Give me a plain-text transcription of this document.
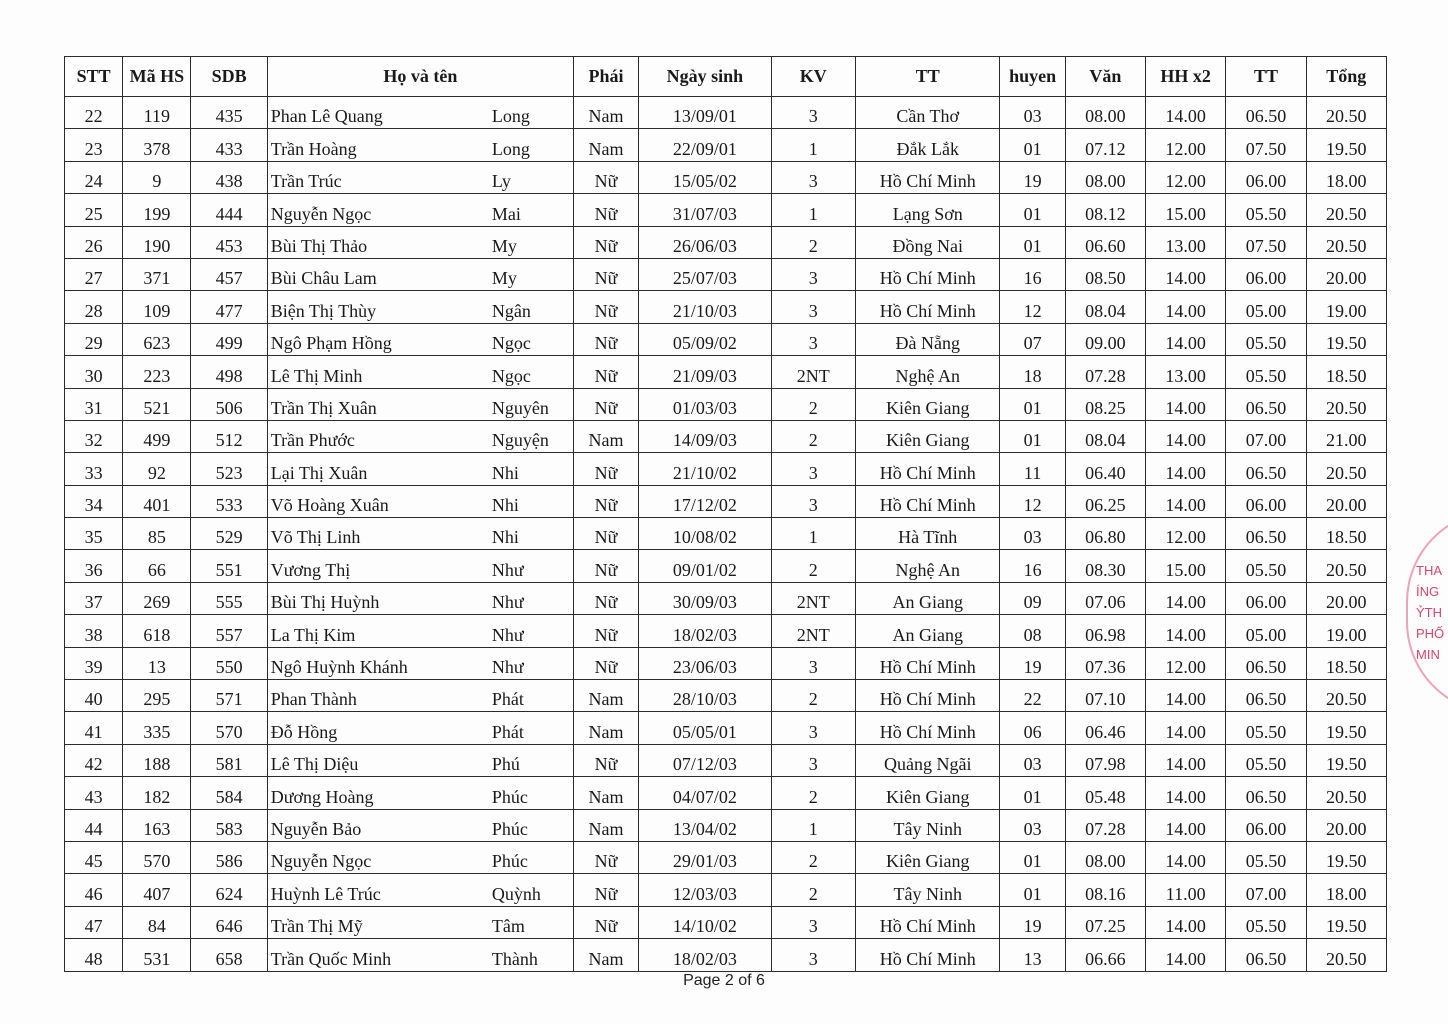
STT	Mã HS	SDB	Họ và tên	Phái	Ngày sinh	KV	TT	huyen	Văn	HH x2	TT	Tổng
22	119	435	Phan Lê Quang Long	Nam	13/09/01	3	Cần Thơ	03	08.00	14.00	06.50	20.50
23	378	433	Trần Hoàng Long	Nam	22/09/01	1	Đắk Lắk	01	07.12	12.00	07.50	19.50
24	9	438	Trần Trúc Ly	Nữ	15/05/02	3	Hồ Chí Minh	19	08.00	12.00	06.00	18.00
25	199	444	Nguyễn Ngọc Mai	Nữ	31/07/03	1	Lạng Sơn	01	08.12	15.00	05.50	20.50
26	190	453	Bùi Thị Thảo My	Nữ	26/06/03	2	Đồng Nai	01	06.60	13.00	07.50	20.50
27	371	457	Bùi Châu Lam My	Nữ	25/07/03	3	Hồ Chí Minh	16	08.50	14.00	06.00	20.00
28	109	477	Biện Thị Thùy Ngân	Nữ	21/10/03	3	Hồ Chí Minh	12	08.04	14.00	05.00	19.00
29	623	499	Ngô Phạm Hồng Ngọc	Nữ	05/09/02	3	Đà Nẵng	07	09.00	14.00	05.50	19.50
30	223	498	Lê Thị Minh Ngọc	Nữ	21/09/03	2NT	Nghệ An	18	07.28	13.00	05.50	18.50
31	521	506	Trần Thị Xuân Nguyên	Nữ	01/03/03	2	Kiên Giang	01	08.25	14.00	06.50	20.50
32	499	512	Trần Phước Nguyện	Nam	14/09/03	2	Kiên Giang	01	08.04	14.00	07.00	21.00
33	92	523	Lại Thị Xuân Nhi	Nữ	21/10/02	3	Hồ Chí Minh	11	06.40	14.00	06.50	20.50
34	401	533	Võ Hoàng Xuân Nhi	Nữ	17/12/02	3	Hồ Chí Minh	12	06.25	14.00	06.00	20.00
35	85	529	Võ Thị Linh Nhi	Nữ	10/08/02	1	Hà Tĩnh	03	06.80	12.00	06.50	18.50
36	66	551	Vương Thị Như	Nữ	09/01/02	2	Nghệ An	16	08.30	15.00	05.50	20.50
37	269	555	Bùi Thị Huỳnh Như	Nữ	30/09/03	2NT	An Giang	09	07.06	14.00	06.00	20.00
38	618	557	La Thị Kim Như	Nữ	18/02/03	2NT	An Giang	08	06.98	14.00	05.00	19.00
39	13	550	Ngô Huỳnh Khánh Như	Nữ	23/06/03	3	Hồ Chí Minh	19	07.36	12.00	06.50	18.50
40	295	571	Phan Thành Phát	Nam	28/10/03	2	Hồ Chí Minh	22	07.10	14.00	06.50	20.50
41	335	570	Đỗ Hồng Phát	Nam	05/05/01	3	Hồ Chí Minh	06	06.46	14.00	05.50	19.50
42	188	581	Lê Thị Diệu Phú	Nữ	07/12/03	3	Quảng Ngãi	03	07.98	14.00	05.50	19.50
43	182	584	Dương Hoàng Phúc	Nam	04/07/02	2	Kiên Giang	01	05.48	14.00	06.50	20.50
44	163	583	Nguyễn Bảo Phúc	Nam	13/04/02	1	Tây Ninh	03	07.28	14.00	06.00	20.00
45	570	586	Nguyễn Ngọc Phúc	Nữ	29/01/03	2	Kiên Giang	01	08.00	14.00	05.50	19.50
46	407	624	Huỳnh Lê Trúc Quỳnh	Nữ	12/03/03	2	Tây Ninh	01	08.16	11.00	07.00	18.00
47	84	646	Trần Thị Mỹ Tâm	Nữ	14/10/02	3	Hồ Chí Minh	19	07.25	14.00	05.50	19.50
48	531	658	Trần Quốc Minh Thành	Nam	18/02/03	3	Hồ Chí Minh	13	06.66	14.00	06.50	20.50
Page 2 of 6
THA
ÍNG
ỶTH
PHỐ
MIN
